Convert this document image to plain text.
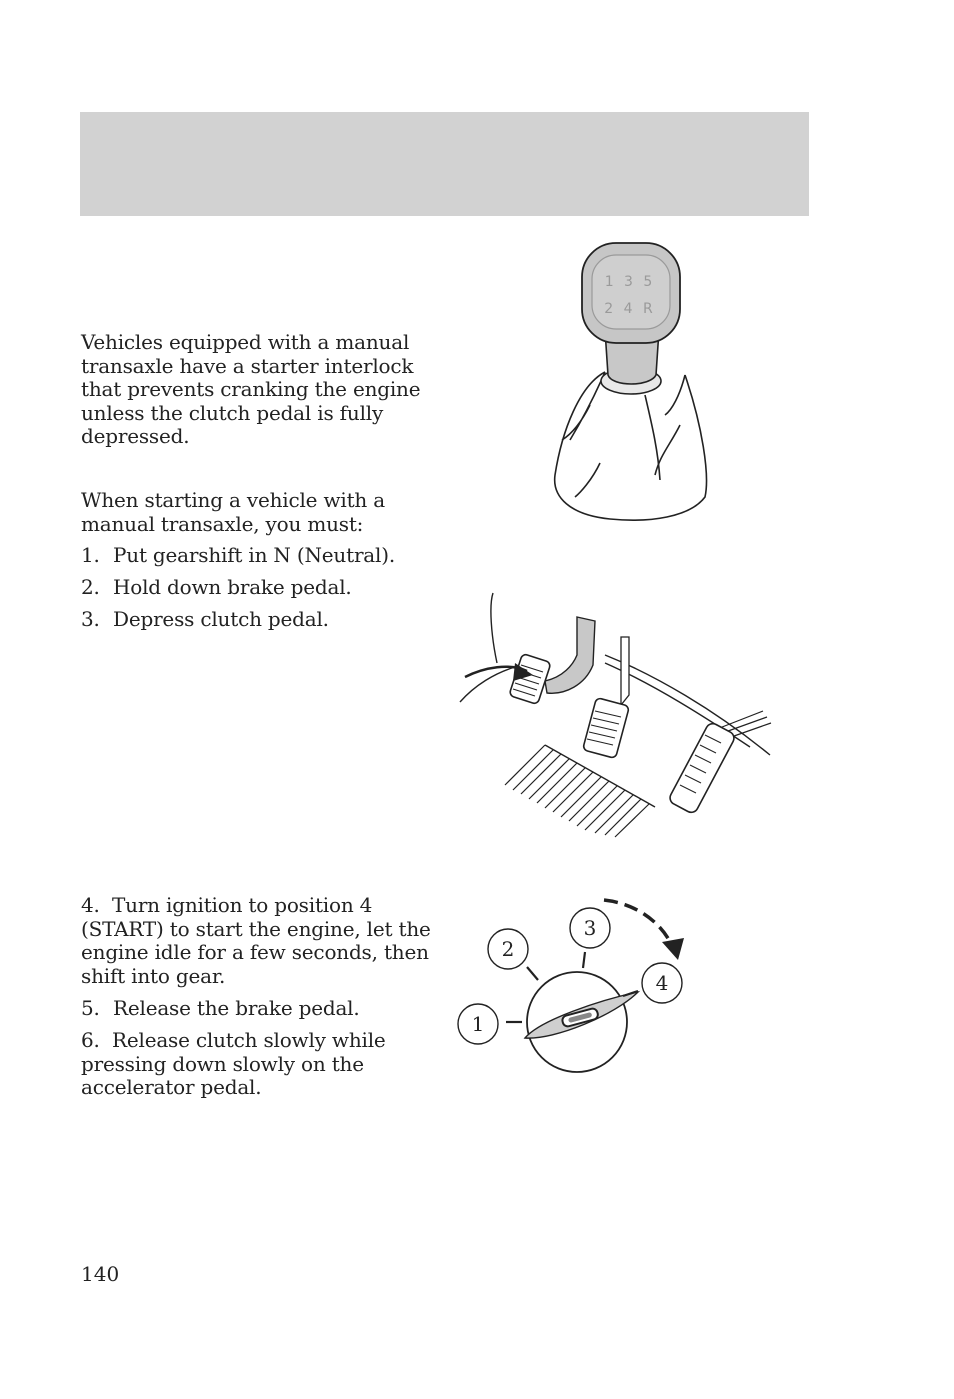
Vehicles equipped with a manual transaxle have a starter interlock that prevents cranking the engine unless the clutch pedal is fully depressed.
When starting a vehicle with a manual transaxle, you must:
1. Put gearshift in N (Neutral).
2. Hold down brake pedal.
3. Depress clutch pedal.
4.  Turn ignition to position 4 (START) to start the engine, let the engine idle for a few seconds, then shift into gear.
5. Release the brake pedal.
6.  Release clutch slowly while pressing down slowly on the accelerator pedal.
1 3 5
2 4 R
1
2
3
4
140
